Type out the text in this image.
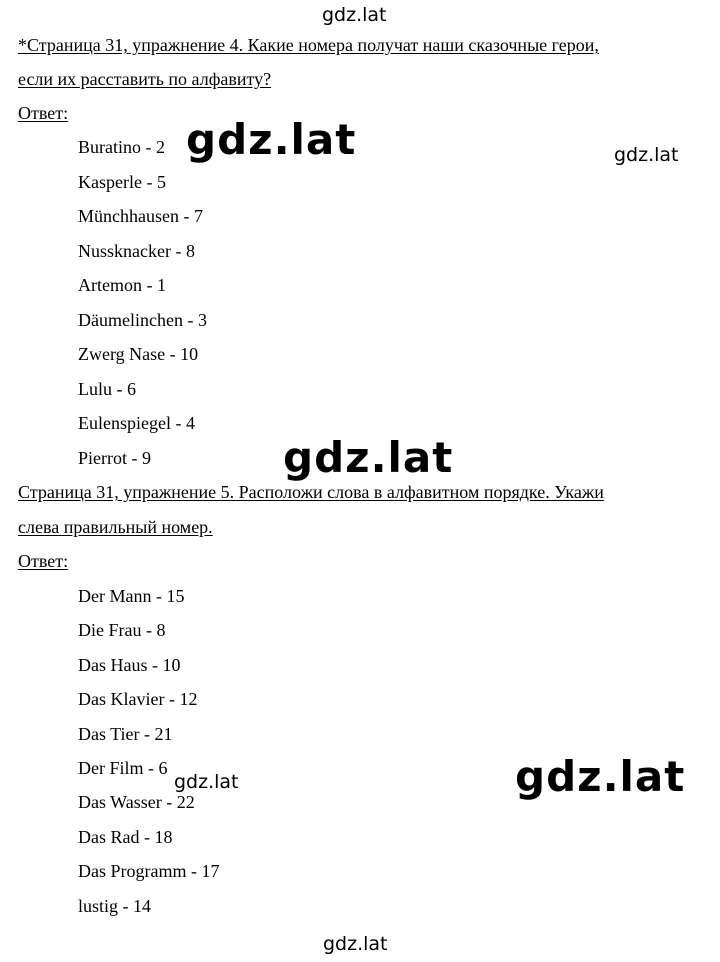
gdz.lat
gdz.lat	gdz.lat
gdz.lat
gdz.lat
gdz.lat
gdz.lat
*Страница 31, упражнение 4. Какие номера получат наши сказочные герои,
если их расставить по алфавиту?
Ответ:
Buratino - 2
Kasperle - 5
Münchhausen - 7
Nussknacker - 8
Artemon - 1
Däumelinchen - 3
Zwerg Nase - 10
Lulu - 6
Eulenspiegel - 4
Pierrot - 9
Страница 31, упражнение 5. Расположи слова в алфавитном порядке. Укажи
слева правильный номер.
Ответ:
Der Mann - 15
Die Frau - 8
Das Haus - 10
Das Klavier - 12
Das Tier - 21
Der Film - 6
Das Wasser - 22
Das Rad - 18
Das Programm - 17
lustig - 14
